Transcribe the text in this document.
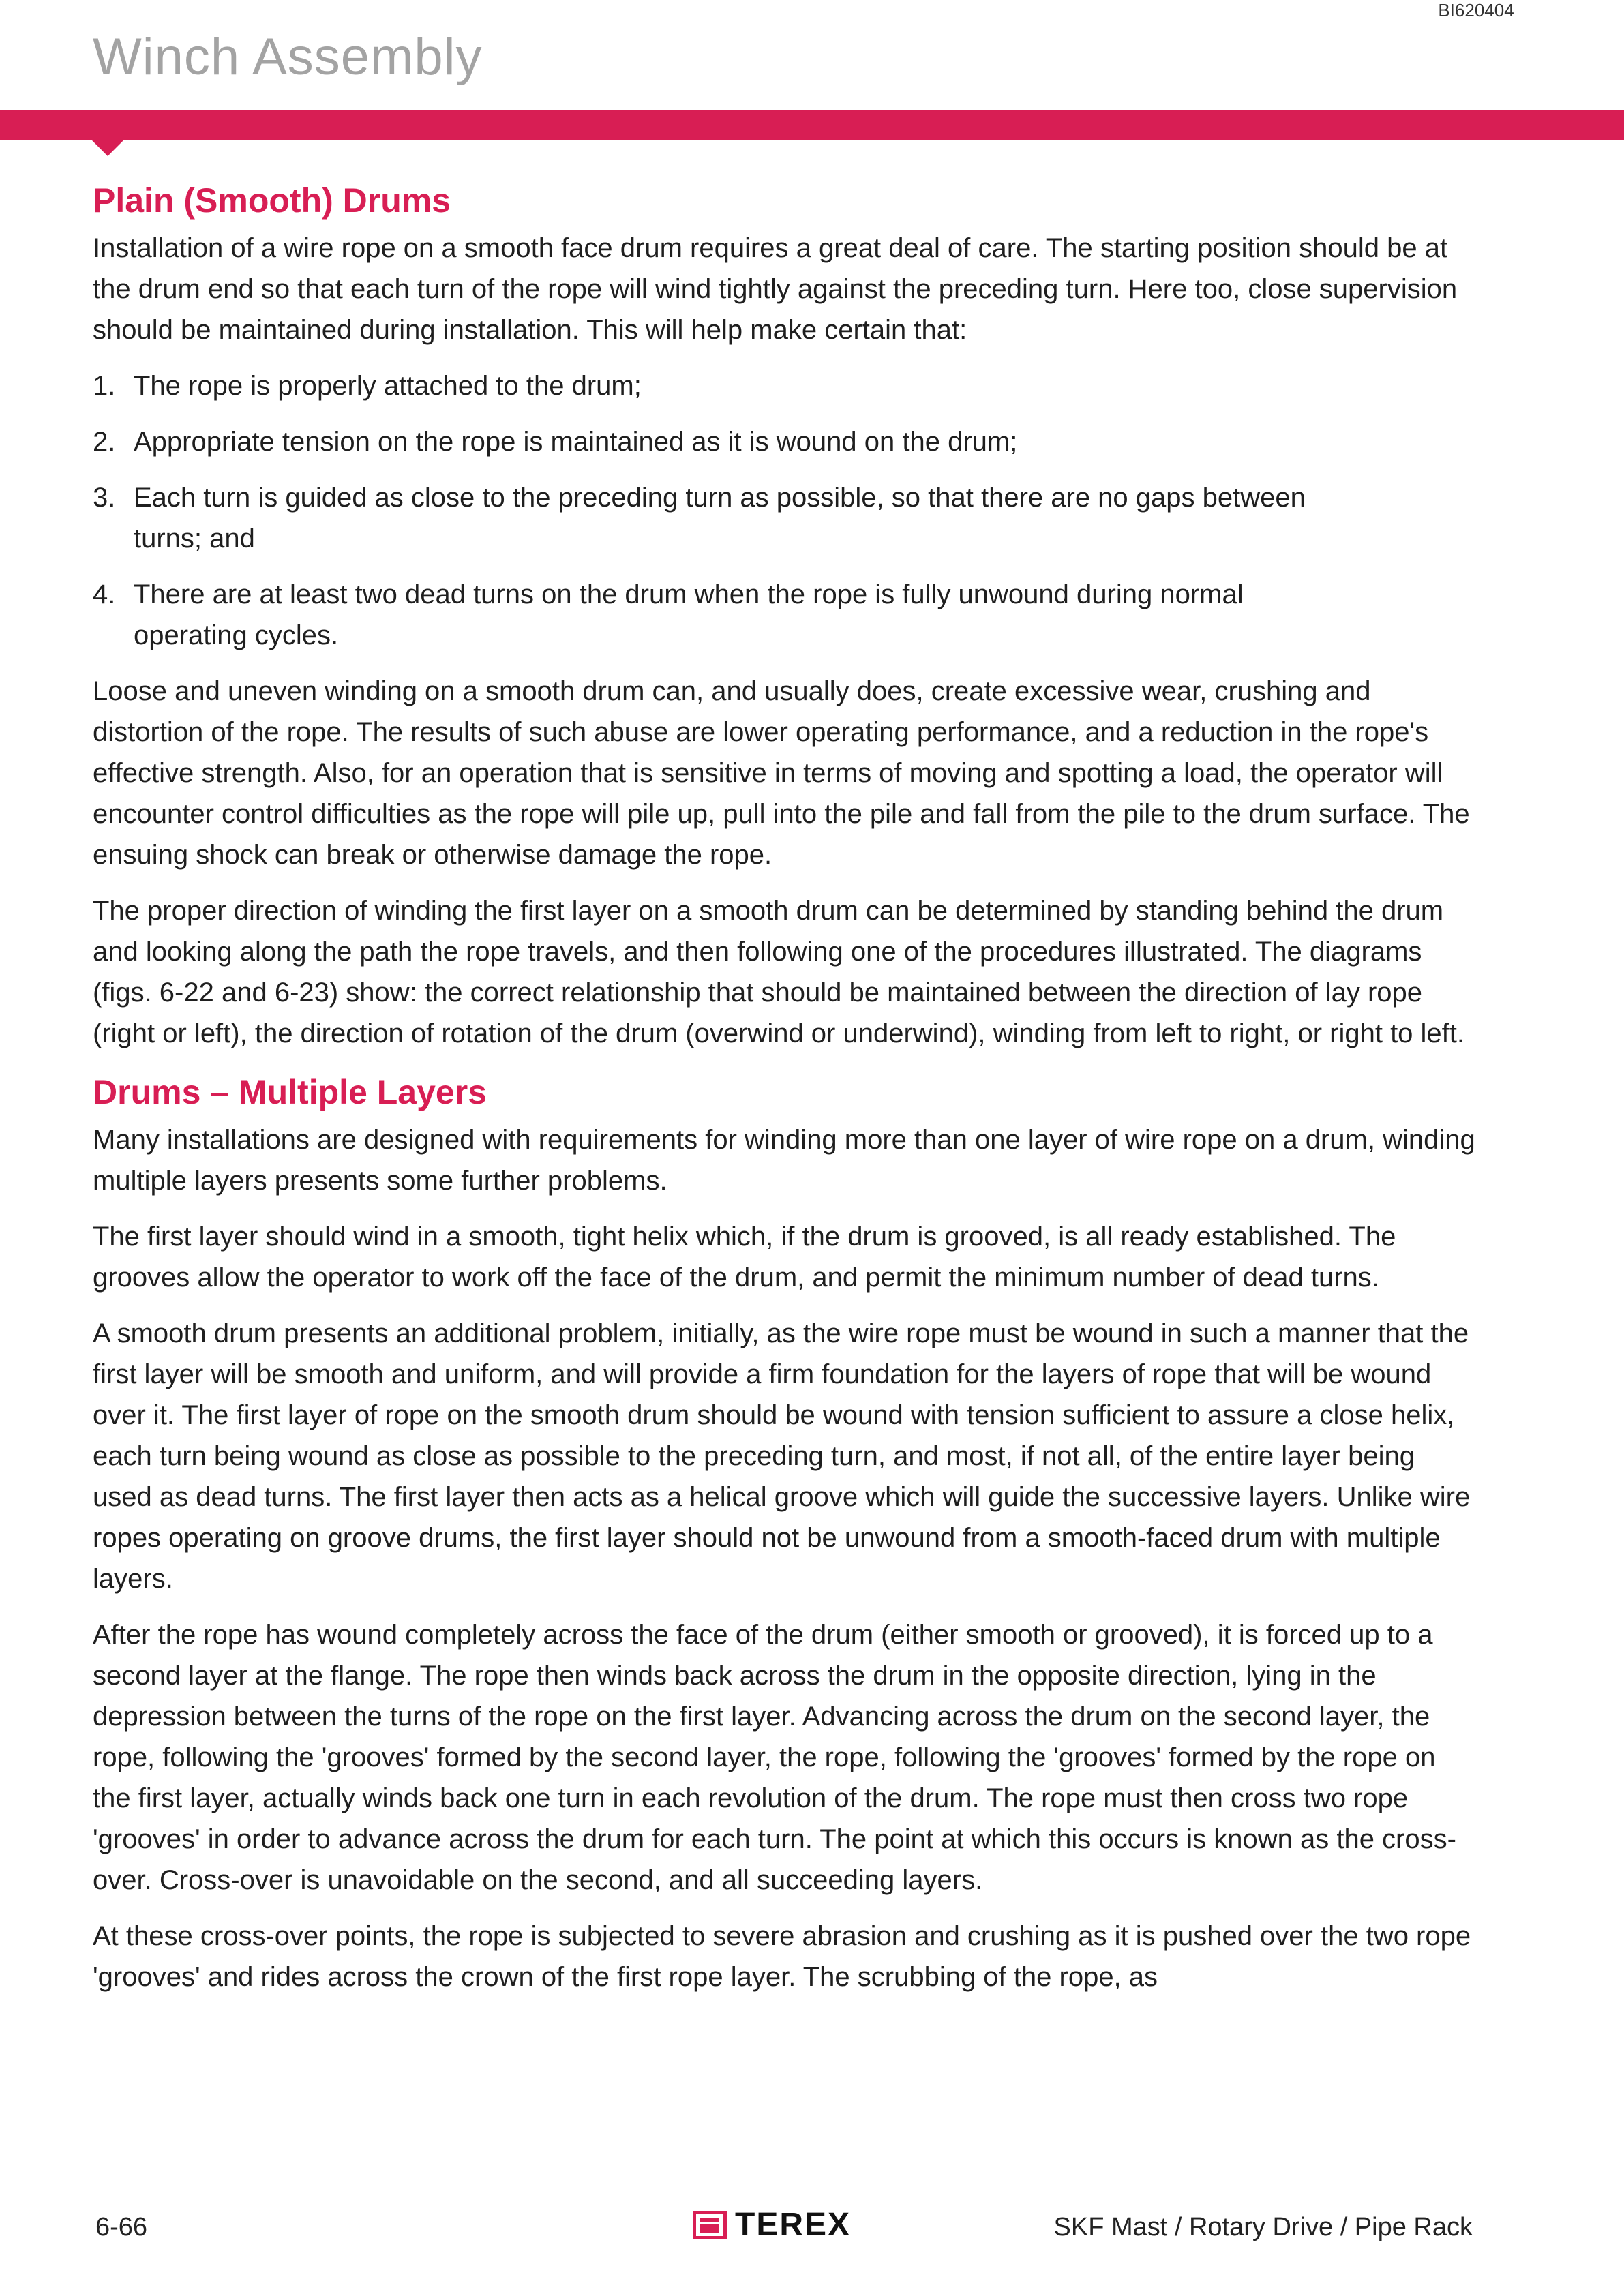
BI620404
Winch Assembly
Plain (Smooth) Drums

Installation of a wire rope on a smooth face drum requires a great deal of care. The starting position should be at the drum end so that each turn of the rope will wind tightly against the preceding turn. Here too, close supervision should be maintained during installation. This will help make certain that:

1. The rope is properly attached to the drum;
2. Appropriate tension on the rope is maintained as it is wound on the drum;
3. Each turn is guided as close to the preceding turn as possible, so that there are no gaps between turns; and
4. There are at least two dead turns on the drum when the rope is fully unwound during normal operating cycles.

Loose and uneven winding on a smooth drum can, and usually does, create excessive wear, crushing and distortion of the rope. The results of such abuse are lower operating performance, and a reduction in the rope's effective strength. Also, for an operation that is sensitive in terms of moving and spotting a load, the operator will encounter control difficulties as the rope will pile up, pull into the pile and fall from the pile to the drum surface. The ensuing shock can break or otherwise damage the rope.

The proper direction of winding the first layer on a smooth drum can be determined by standing behind the drum and looking along the path the rope travels, and then following one of the procedures illustrated. The diagrams (figs. 6-22 and 6-23) show: the correct relationship that should be maintained between the direction of lay rope (right or left), the direction of rotation of the drum (overwind or underwind), winding from left to right, or right to left.

Drums – Multiple Layers

Many installations are designed with requirements for winding more than one layer of wire rope on a drum, winding multiple layers presents some further problems.

The first layer should wind in a smooth, tight helix which, if the drum is grooved, is all ready established. The grooves allow the operator to work off the face of the drum, and permit the minimum number of dead turns.

A smooth drum presents an additional problem, initially, as the wire rope must be wound in such a manner that the first layer will be smooth and uniform, and will provide a firm foundation for the layers of rope that will be wound over it. The first layer of rope on the smooth drum should be wound with tension sufficient to assure a close helix, each turn being wound as close as possible to the preceding turn, and most, if not all, of the entire layer being used as dead turns. The first layer then acts as a helical groove which will guide the successive layers. Unlike wire ropes operating on groove drums, the first layer should not be unwound from a smooth-faced drum with multiple layers.

After the rope has wound completely across the face of the drum (either smooth or grooved), it is forced up to a second layer at the flange. The rope then winds back across the drum in the opposite direction, lying in the depression between the turns of the rope on the first layer. Advancing across the drum on the second layer, the rope, following the 'grooves' formed by the second layer, the rope, following the 'grooves' formed by the rope on the first layer, actually winds back one turn in each revolution of the drum. The rope must then cross two rope 'grooves' in order to advance across the drum for each turn. The point at which this occurs is known as the cross-over. Cross-over is unavoidable on the second, and all succeeding layers.

At these cross-over points, the rope is subjected to severe abrasion and crushing as it is pushed over the two rope 'grooves' and rides across the crown of the first rope layer. The scrubbing of the rope, as

6-66	TEREX	SKF Mast / Rotary Drive / Pipe Rack
